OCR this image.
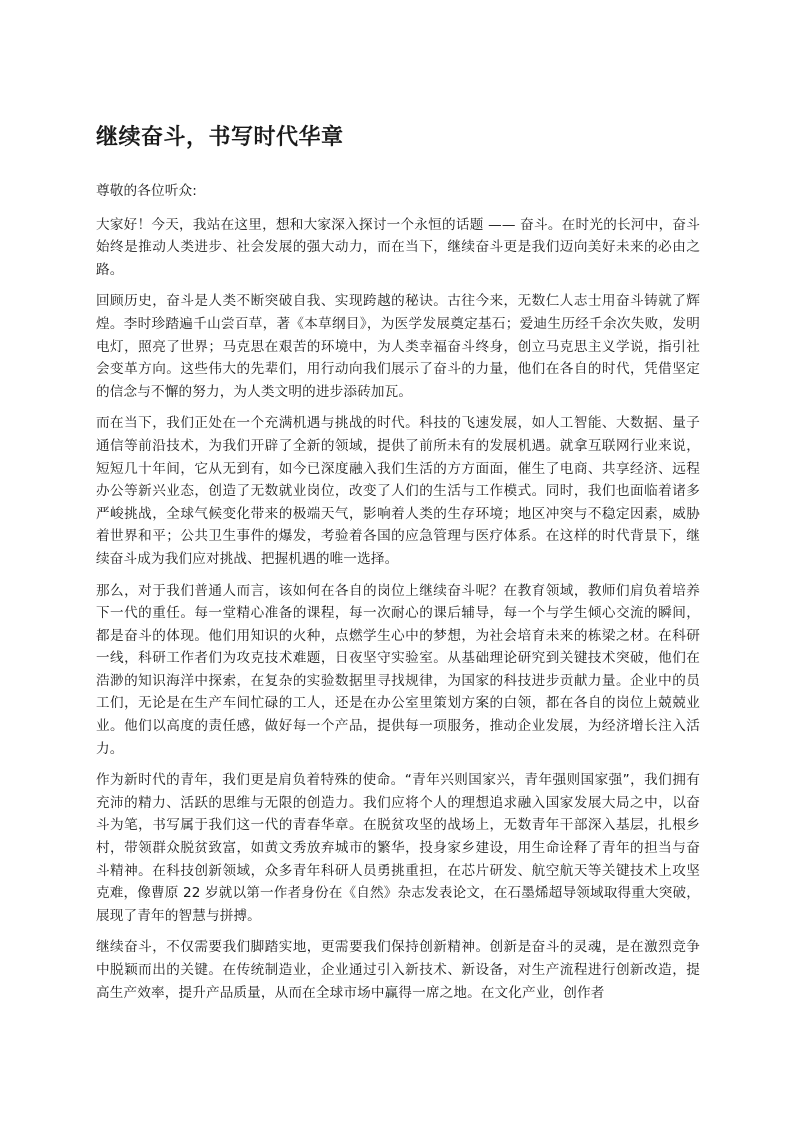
继续奋斗，书写时代华章

尊敬的各位听众:

大家好！今天，我站在这里，想和大家深入探讨一个永恒的话题 —— 奋斗。在时光的长河中，奋斗始终是推动人类进步、社会发展的强大动力，而在当下，继续奋斗更是我们迈向美好未来的必由之路。

回顾历史，奋斗是人类不断突破自我、实现跨越的秘诀。古往今来，无数仁人志士用奋斗铸就了辉煌。李时珍踏遍千山尝百草，著《本草纲目》，为医学发展奠定基石；爱迪生历经千余次失败，发明电灯，照亮了世界；马克思在艰苦的环境中，为人类幸福奋斗终身，创立马克思主义学说，指引社会变革方向。这些伟大的先辈们，用行动向我们展示了奋斗的力量，他们在各自的时代，凭借坚定的信念与不懈的努力，为人类文明的进步添砖加瓦。

而在当下，我们正处在一个充满机遇与挑战的时代。科技的飞速发展，如人工智能、大数据、量子通信等前沿技术，为我们开辟了全新的领域，提供了前所未有的发展机遇。就拿互联网行业来说，短短几十年间，它从无到有，如今已深度融入我们生活的方方面面，催生了电商、共享经济、远程办公等新兴业态，创造了无数就业岗位，改变了人们的生活与工作模式。同时，我们也面临着诸多严峻挑战，全球气候变化带来的极端天气，影响着人类的生存环境；地区冲突与不稳定因素，威胁着世界和平；公共卫生事件的爆发，考验着各国的应急管理与医疗体系。在这样的时代背景下，继续奋斗成为我们应对挑战、把握机遇的唯一选择。

那么，对于我们普通人而言，该如何在各自的岗位上继续奋斗呢？在教育领域，教师们肩负着培养下一代的重任。每一堂精心准备的课程，每一次耐心的课后辅导，每一个与学生倾心交流的瞬间，都是奋斗的体现。他们用知识的火种，点燃学生心中的梦想，为社会培育未来的栋梁之材。在科研一线，科研工作者们为攻克技术难题，日夜坚守实验室。从基础理论研究到关键技术突破，他们在浩渺的知识海洋中探索，在复杂的实验数据里寻找规律，为国家的科技进步贡献力量。企业中的员工们，无论是在生产车间忙碌的工人，还是在办公室里策划方案的白领，都在各自的岗位上兢兢业业。他们以高度的责任感，做好每一个产品，提供每一项服务，推动企业发展，为经济增长注入活力。

作为新时代的青年，我们更是肩负着特殊的使命。“青年兴则国家兴，青年强则国家强”，我们拥有充沛的精力、活跃的思维与无限的创造力。我们应将个人的理想追求融入国家发展大局之中，以奋斗为笔，书写属于我们这一代的青春华章。在脱贫攻坚的战场上，无数青年干部深入基层，扎根乡村，带领群众脱贫致富，如黄文秀放弃城市的繁华，投身家乡建设，用生命诠释了青年的担当与奋斗精神。在科技创新领域，众多青年科研人员勇挑重担，在芯片研发、航空航天等关键技术上攻坚克难，像曹原 22 岁就以第一作者身份在《自然》杂志发表论文，在石墨烯超导领域取得重大突破，展现了青年的智慧与拼搏。

继续奋斗，不仅需要我们脚踏实地，更需要我们保持创新精神。创新是奋斗的灵魂，是在激烈竞争中脱颖而出的关键。在传统制造业，企业通过引入新技术、新设备，对生产流程进行创新改造，提高生产效率，提升产品质量，从而在全球市场中赢得一席之地。在文化产业，创作者
